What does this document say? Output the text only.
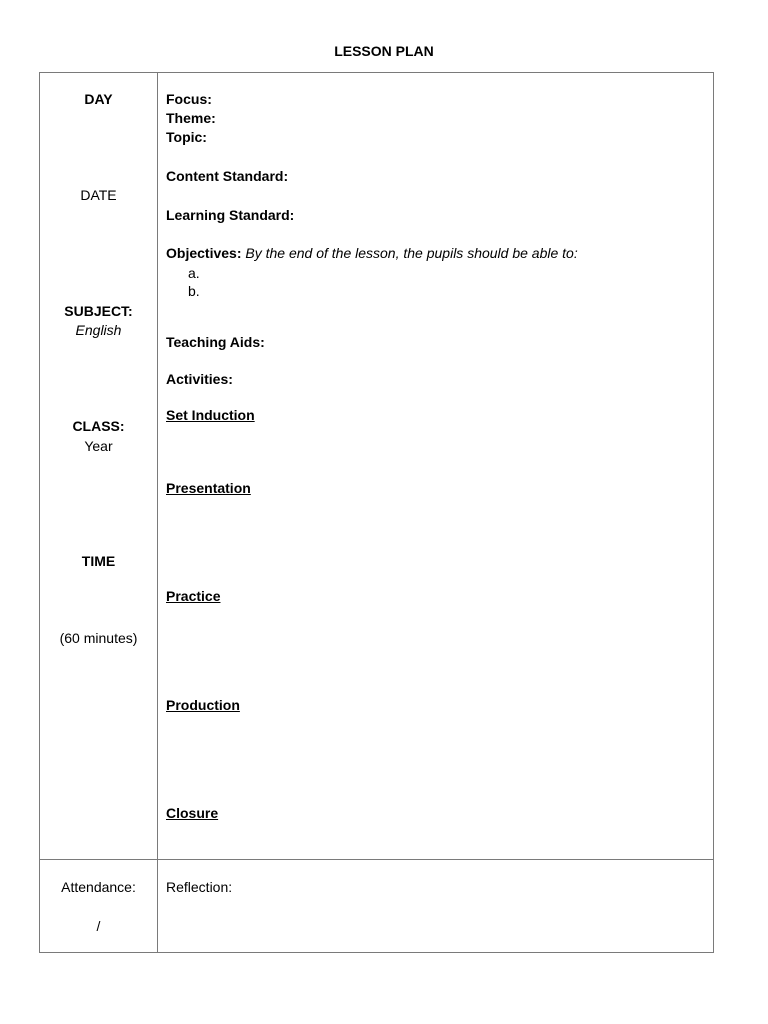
LESSON PLAN
DAY
DATE
SUBJECT:
English
CLASS:
Year
TIME
(60 minutes)
Focus:
Theme:
Topic:
Content Standard:
Learning Standard:
Objectives: By the end of the lesson, the pupils should be able to:
a.
b.
Teaching Aids:
Activities:
Set Induction
Presentation
Practice
Production
Closure
Attendance:
/
Reflection:
